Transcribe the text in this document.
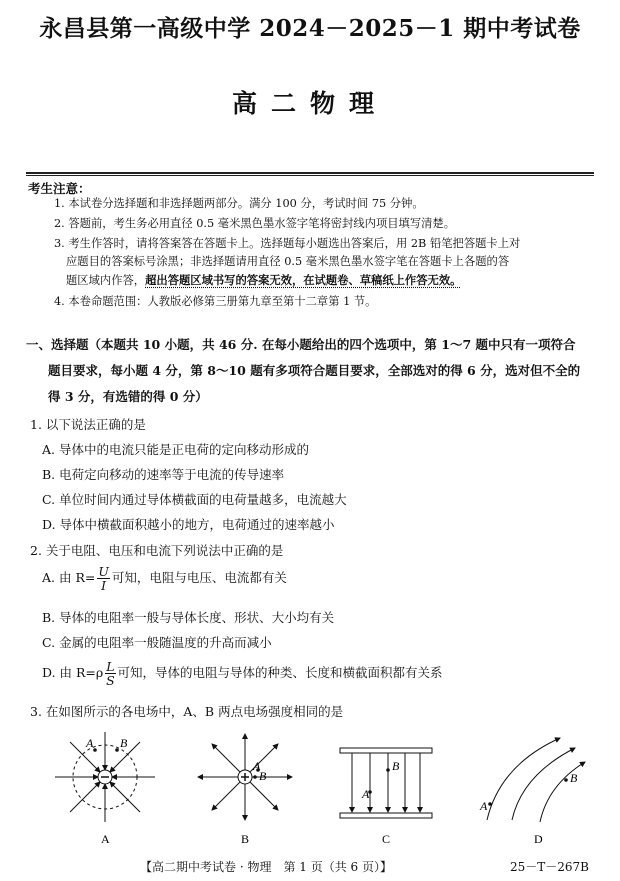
永昌县第一高级中学 2024－2025－1 期中考试卷
高二物理
考生注意：
1. 本试卷分选择题和非选择题两部分。满分 100 分，考试时间 75 分钟。
2. 答题前，考生务必用直径 0.5 毫米黑色墨水签字笔将密封线内项目填写清楚。
3. 考生作答时，请将答案答在答题卡上。选择题每小题选出答案后，用 2B 铅笔把答题卡上对
应题目的答案标号涂黑；非选择题请用直径 0.5 毫米黑色墨水签字笔在答题卡上各题的答
题区域内作答，超出答题区域书写的答案无效，在试题卷、草稿纸上作答无效。
4. 本卷命题范围：人教版必修第三册第九章至第十二章第 1 节。
一、选择题（本题共 10 小题，共 46 分. 在每小题给出的四个选项中，第 1～7 题中只有一项符合
题目要求，每小题 4 分，第 8～10 题有多项符合题目要求，全部选对的得 6 分，选对但不全的
得 3 分，有选错的得 0 分）
1. 以下说法正确的是
A. 导体中的电流只能是正电荷的定向移动形成的
B. 电荷定向移动的速率等于电流的传导速率
C. 单位时间内通过导体横截面的电荷量越多，电流越大
D. 导体中横截面积越小的地方，电荷通过的速率越小
2. 关于电阻、电压和电流下列说法中正确的是
A. 由 $R= \frac{U}{I}$ 可知，电阻与电压、电流都有关
B. 导体的电阻率一般与导体长度、形状、大小均有关
C. 金属的电阻率一般随温度的升高而减小
D. 由 $R=\rho \frac{L}{S}$ 可知，导体的电阻与导体的种类、长度和横截面积都有关系
3. 在如图所示的各电场中，A、B 两点电场强度相同的是
A B
A
B
A
B
A
B
A	B	C	D
【高二期中考试卷 · 物理　第 1 页（共 6 页）】	25－T－267B
